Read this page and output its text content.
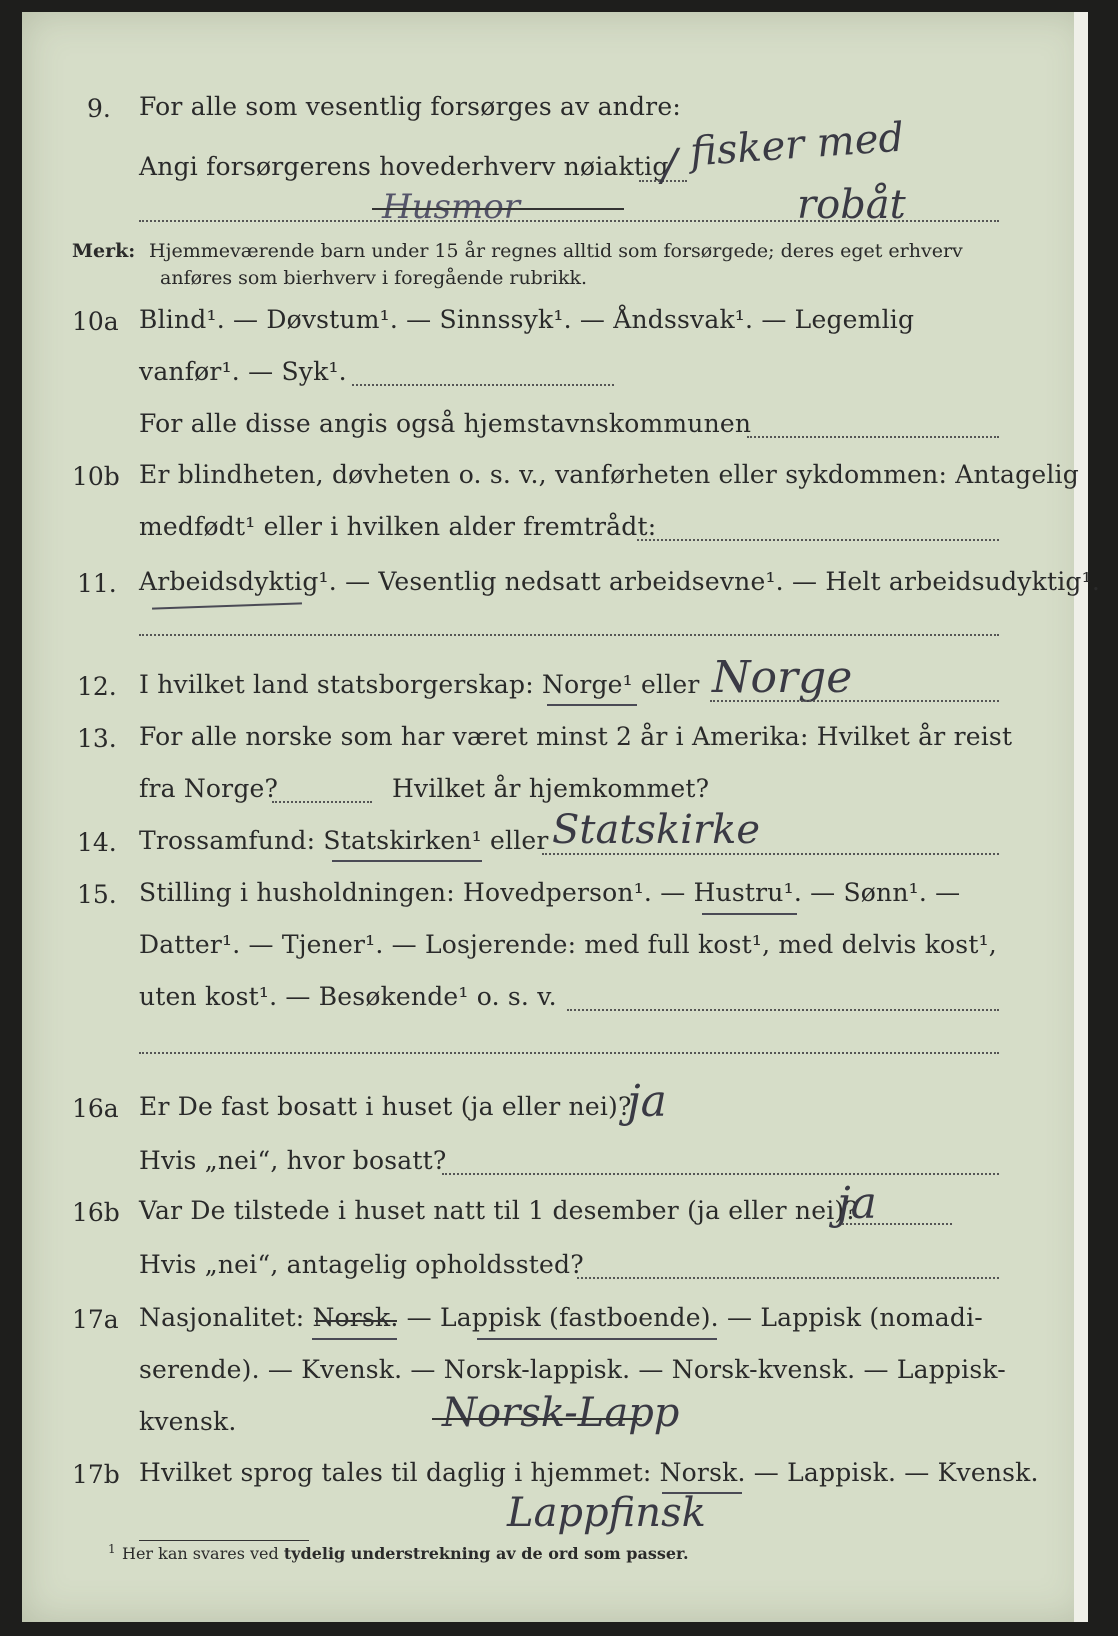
9. For alle som vesentlig forsørges av andre:
Angi forsørgerens hovederhverv nøiaktig fisker med
/
Husmor	robåt
Merk: Hjemmeværende barn under 15 år regnes alltid som forsørgede; deres eget erhverv
anføres som bierhverv i foregående rubrikk.
10a Blind¹. — Døvstum¹. — Sinnssyk¹. — Åndssvak¹. — Legemlig
vanfør¹. — Syk¹.
For alle disse angis også hjemstavnskommunen
10b Er blindheten, døvheten o. s. v., vanførheten eller sykdommen: Antagelig
medfødt¹ eller i hvilken alder fremtrådt:
11. Arbeidsdyktig¹. — Vesentlig nedsatt arbeidsevne¹. — Helt arbeidsudyktig¹.
12. I hvilket land statsborgerskap: Norge¹ eller Norge
13. For alle norske som har været minst 2 år i Amerika: Hvilket år reist
fra Norge?	Hvilket år hjemkommet?
14. Trossamfund: Statskirken¹ eller Statskirke
15. Stilling i husholdningen: Hovedperson¹. — Hustru¹. — Sønn¹. —
Datter¹. — Tjener¹. — Losjerende: med full kost¹, med delvis kost¹,
uten kost¹. — Besøkende¹ o. s. v.
16a Er De fast bosatt i huset (ja eller nei)?
ja
Hvis „nei“, hvor bosatt?
16b Var De tilstede i huset natt til 1 desember (ja eller nei)?
ja
Hvis „nei“, antagelig opholdssted?
17a Nasjonalitet: Norsk. — Lappisk (fastboende). — Lappisk (nomadi-
serende). — Kvensk. — Norsk-lappisk. — Norsk-kvensk. — Lappisk-
kvensk.	Norsk-Lapp
17b Hvilket sprog tales til daglig i hjemmet: Norsk. — Lappisk. — Kvensk.
Lappfinsk
1 Her kan svares ved tydelig understrekning av de ord som passer.
